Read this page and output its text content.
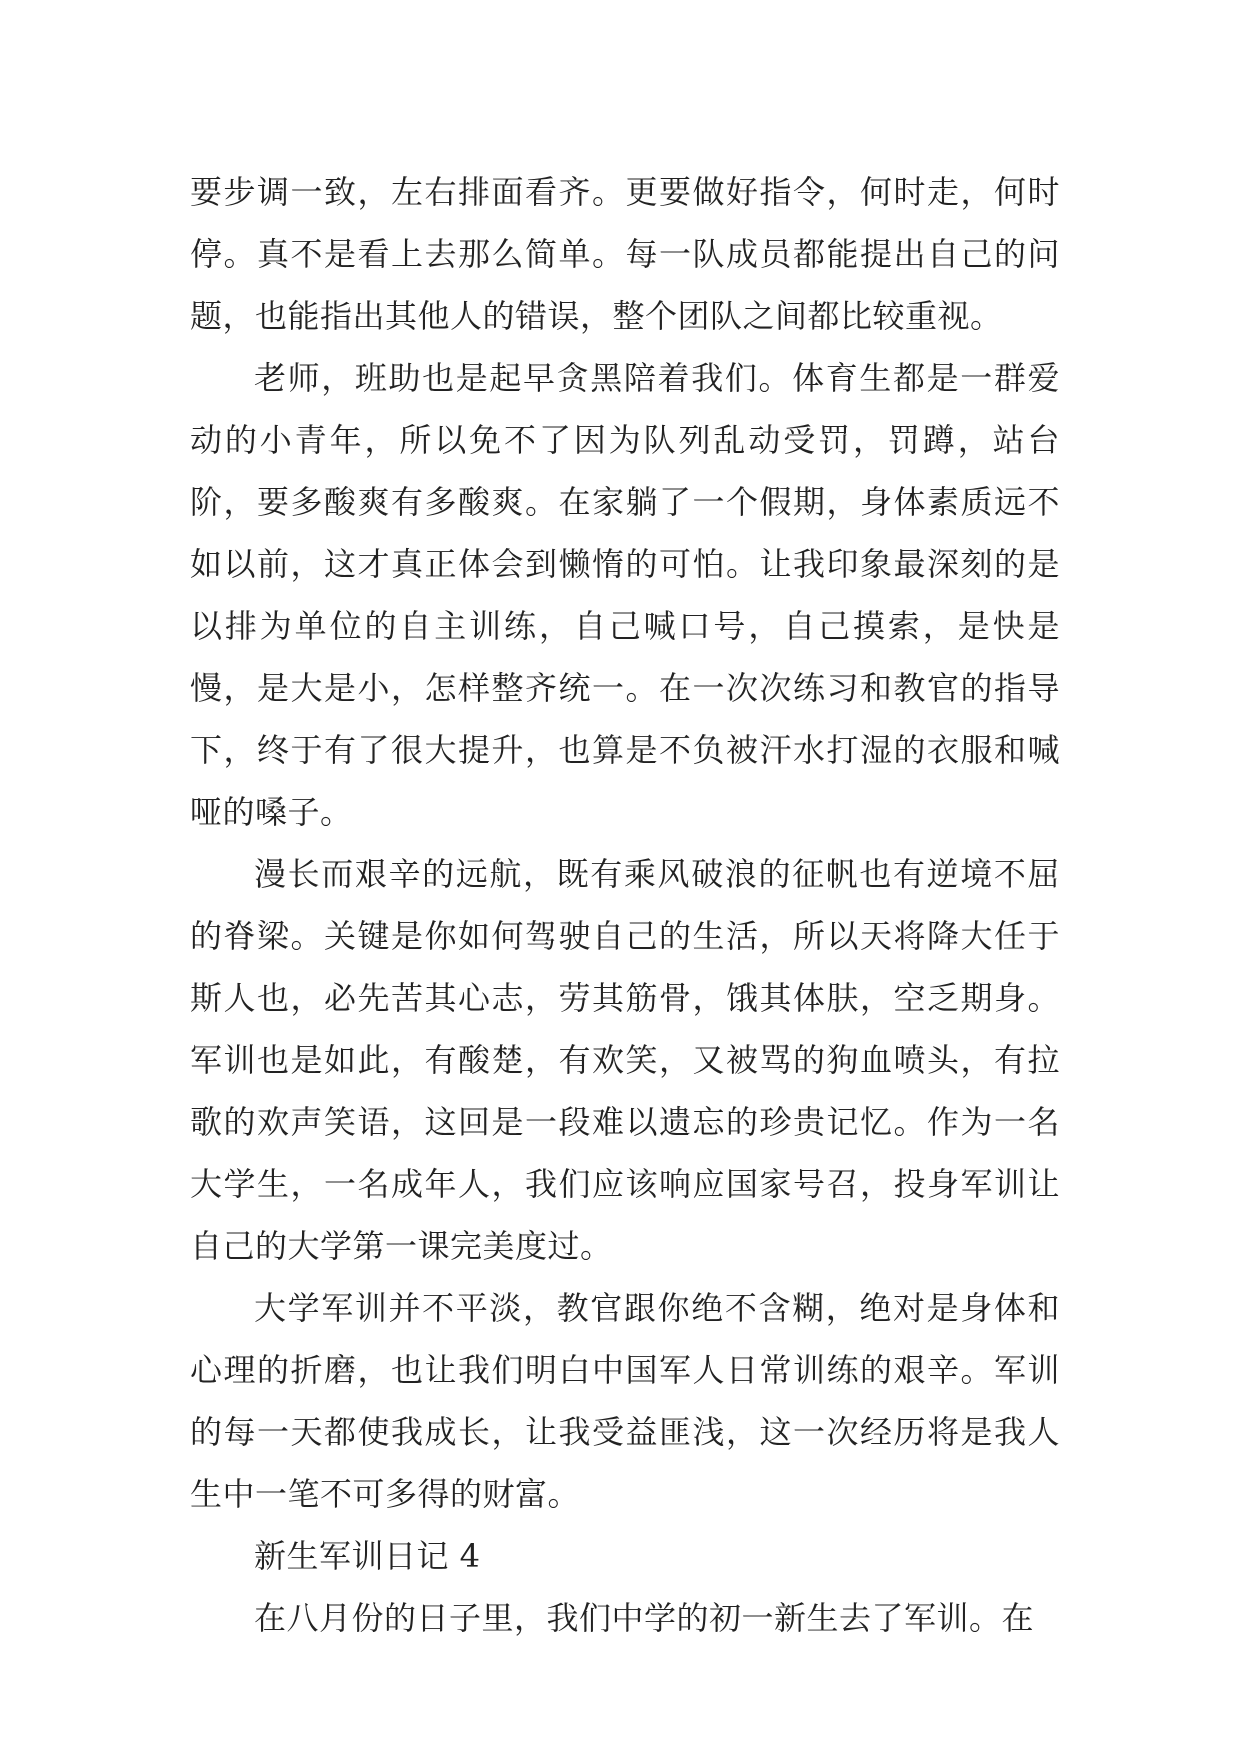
要步调一致，左右排面看齐。更要做好指令，何时走，何时停。真不是看上去那么简单。每一队成员都能提出自己的问题，也能指出其他人的错误，整个团队之间都比较重视。

老师，班助也是起早贪黑陪着我们。体育生都是一群爱动的小青年，所以免不了因为队列乱动受罚，罚蹲，站台阶，要多酸爽有多酸爽。在家躺了一个假期，身体素质远不如以前，这才真正体会到懒惰的可怕。让我印象最深刻的是以排为单位的自主训练，自己喊口号，自己摸索，是快是慢，是大是小，怎样整齐统一。在一次次练习和教官的指导下，终于有了很大提升，也算是不负被汗水打湿的衣服和喊哑的嗓子。

漫长而艰辛的远航，既有乘风破浪的征帆也有逆境不屈的脊梁。关键是你如何驾驶自己的生活，所以天将降大任于斯人也，必先苦其心志，劳其筋骨，饿其体肤，空乏期身。军训也是如此，有酸楚，有欢笑，又被骂的狗血喷头，有拉歌的欢声笑语，这回是一段难以遗忘的珍贵记忆。作为一名大学生，一名成年人，我们应该响应国家号召，投身军训让自己的大学第一课完美度过。

大学军训并不平淡，教官跟你绝不含糊，绝对是身体和心理的折磨，也让我们明白中国军人日常训练的艰辛。军训的每一天都使我成长，让我受益匪浅，这一次经历将是我人生中一笔不可多得的财富。

新生军训日记 4

在八月份的日子里，我们中学的初一新生去了军训。在
